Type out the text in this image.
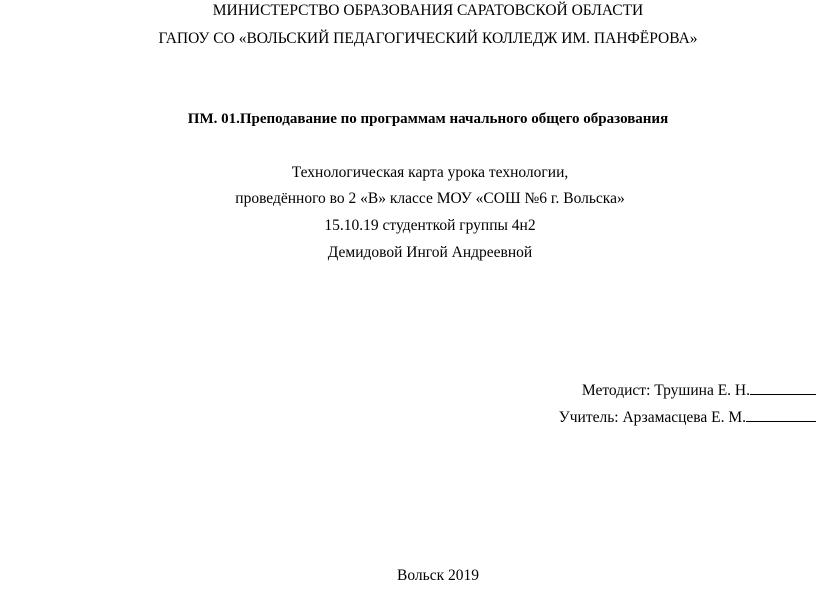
МИНИСТЕРСТВО ОБРАЗОВАНИЯ САРАТОВСКОЙ ОБЛАСТИ
ГАПОУ СО «ВОЛЬСКИЙ ПЕДАГОГИЧЕСКИЙ КОЛЛЕДЖ ИМ. ПАНФЁРОВА»
ПМ. 01.Преподавание по программам начального общего образования
Технологическая карта урока технологии,
проведённого во 2 «В» классе МОУ «СОШ №6 г. Вольска»
15.10.19 студенткой группы 4н2
Демидовой Ингой Андреевной
Методист: Трушина Е. Н.
Учитель: Арзамасцева Е. М.
Вольск 2019
